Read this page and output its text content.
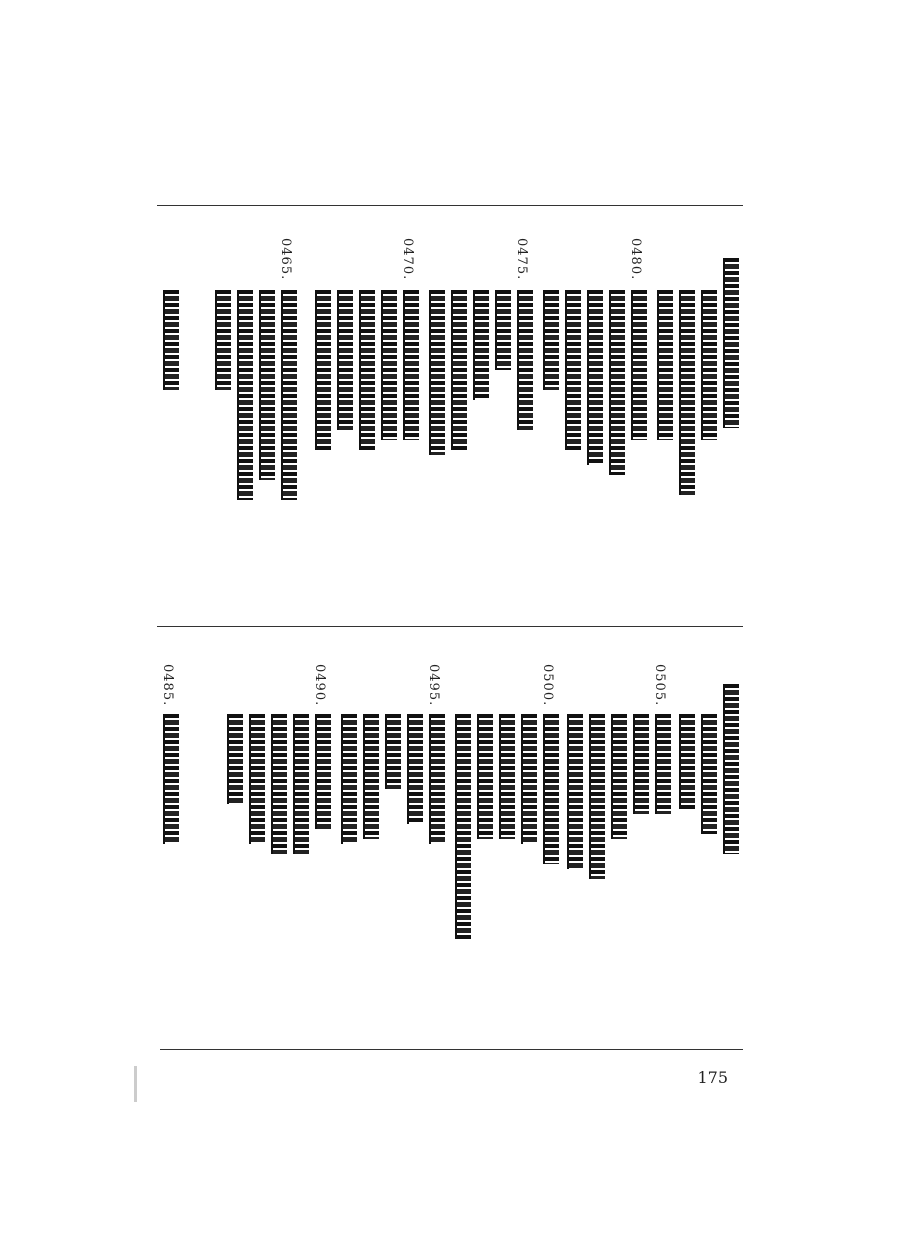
0480.
0475.
0470.
0465.
0505.
0500.
0495.
0490.
0485.
175
